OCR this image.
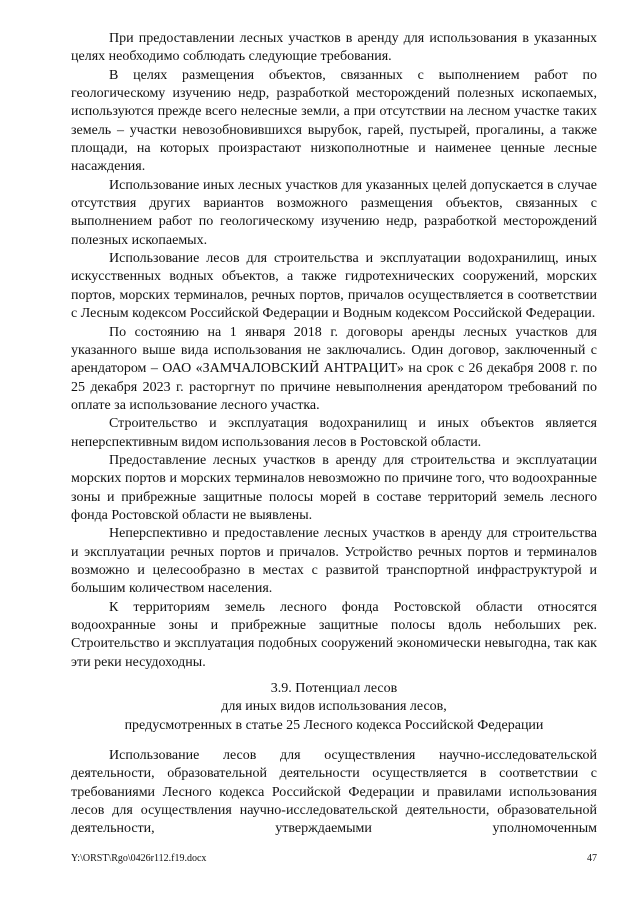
При предоставлении лесных участков в аренду для использования в указанных целях необходимо соблюдать следующие требования.

В целях размещения объектов, связанных с выполнением работ по геологическому изучению недр, разработкой месторождений полезных ископаемых, используются прежде всего нелесные земли, а при отсутствии на лесном участке таких земель – участки невозобновившихся вырубок, гарей, пустырей, прогалины, а также площади, на которых произрастают низкополнотные и наименее ценные лесные насаждения.

Использование иных лесных участков для указанных целей допускается в случае отсутствия других вариантов возможного размещения объектов, связанных с выполнением работ по геологическому изучению недр, разработкой месторождений полезных ископаемых.

Использование лесов для строительства и эксплуатации водохранилищ, иных искусственных водных объектов, а также гидротехнических сооружений, морских портов, морских терминалов, речных портов, причалов осуществляется в соответствии с Лесным кодексом Российской Федерации и Водным кодексом Российской Федерации.

По состоянию на 1 января 2018 г. договоры аренды лесных участков для указанного выше вида использования не заключались. Один договор, заключенный с арендатором – ОАО «ЗАМЧАЛОВСКИЙ АНТРАЦИТ» на срок с 26 декабря 2008 г. по 25 декабря 2023 г. расторгнут по причине невыполнения арендатором требований по оплате за использование лесного участка.

Строительство и эксплуатация водохранилищ и иных объектов является неперспективным видом использования лесов в Ростовской области.

Предоставление лесных участков в аренду для строительства и эксплуатации морских портов и морских терминалов невозможно по причине того, что водоохранные зоны и прибрежные защитные полосы морей в составе территорий земель лесного фонда Ростовской области не выявлены.

Неперспективно и предоставление лесных участков в аренду для строительства и эксплуатации речных портов и причалов. Устройство речных портов и терминалов возможно и целесообразно в местах с развитой транспортной инфраструктурой и большим количеством населения.

К территориям земель лесного фонда Ростовской области относятся водоохранные зоны и прибрежные защитные полосы вдоль небольших рек. Строительство и эксплуатация подобных сооружений экономически невыгодна, так как эти реки несудоходны.

3.9. Потенциал лесов
для иных видов использования лесов,
предусмотренных в статье 25 Лесного кодекса Российской Федерации

Использование лесов для осуществления научно-исследовательской деятельности, образовательной деятельности осуществляется в соответствии с требованиями Лесного кодекса Российской Федерации и правилами использования лесов для осуществления научно-исследовательской деятельности, образовательной деятельности, утверждаемыми уполномоченным

Y:\ORST\Rgo\0426r112.f19.docx	47
